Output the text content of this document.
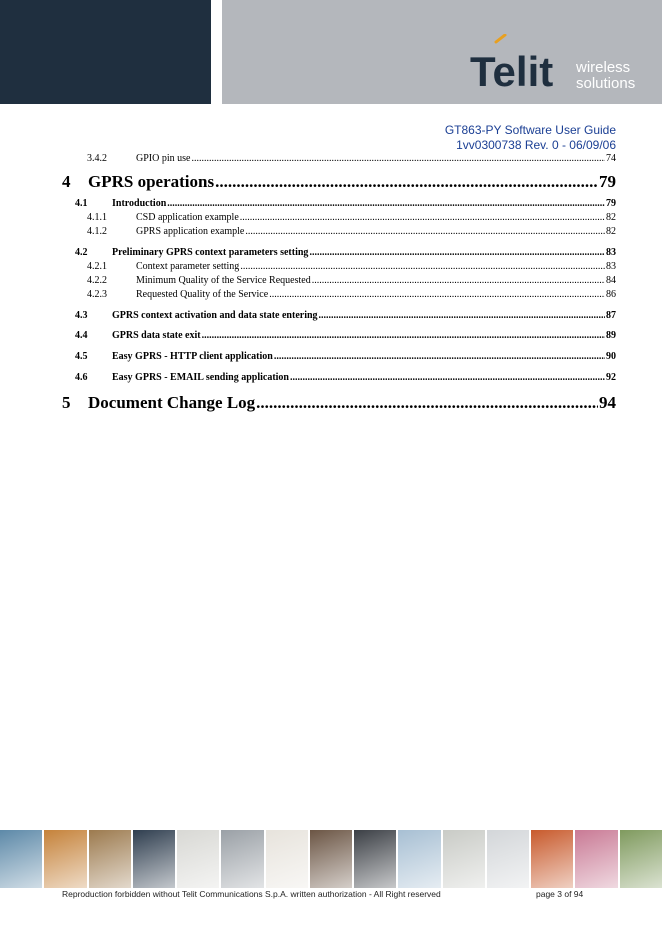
Telit wireless
solutions
GT863-PY Software User Guide
1vv0300738 Rev. 0 - 06/09/06
3.4.2	GPIO pin use .....	74
4	GPRS operations .....	79
4.1	Introduction .....	79
4.1.1	CSD application example .....	82
4.1.2	GPRS application example .....	82
4.2	Preliminary GPRS context parameters setting .....	83
4.2.1	Context parameter setting .....	83
4.2.2	Minimum Quality of the Service Requested .....	84
4.2.3	Requested Quality of the Service .....	86
4.3	GPRS context activation and data state entering .....	87
4.4	GPRS data state exit .....	89
4.5	Easy GPRS - HTTP client application .....	90
4.6	Easy GPRS - EMAIL sending application .....	92
5	Document Change Log .....	94
Reproduction forbidden without Telit Communications S.p.A. written authorization - All Right reserved	page 3 of 94
